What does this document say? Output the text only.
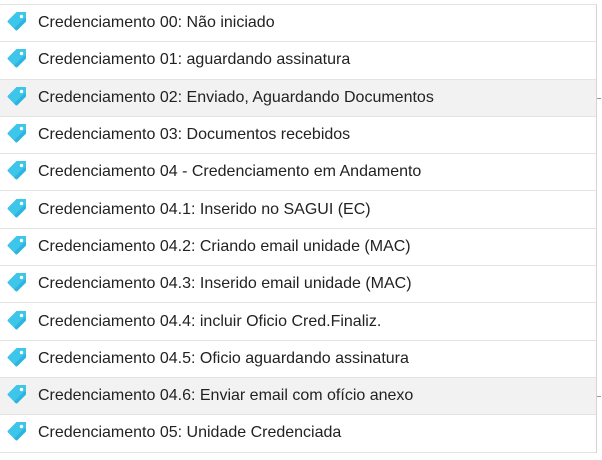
Credenciamento 00: Não iniciado
Credenciamento 01: aguardando assinatura
Credenciamento 02: Enviado, Aguardando Documentos
Credenciamento 03: Documentos recebidos
Credenciamento 04 - Credenciamento em Andamento
Credenciamento 04.1: Inserido no SAGUI (EC)
Credenciamento 04.2: Criando email unidade (MAC)
Credenciamento 04.3: Inserido email unidade (MAC)
Credenciamento 04.4: incluir Oficio Cred.Finaliz.
Credenciamento 04.5: Oficio aguardando assinatura
Credenciamento 04.6: Enviar email com ofício anexo
Credenciamento 05: Unidade Credenciada
